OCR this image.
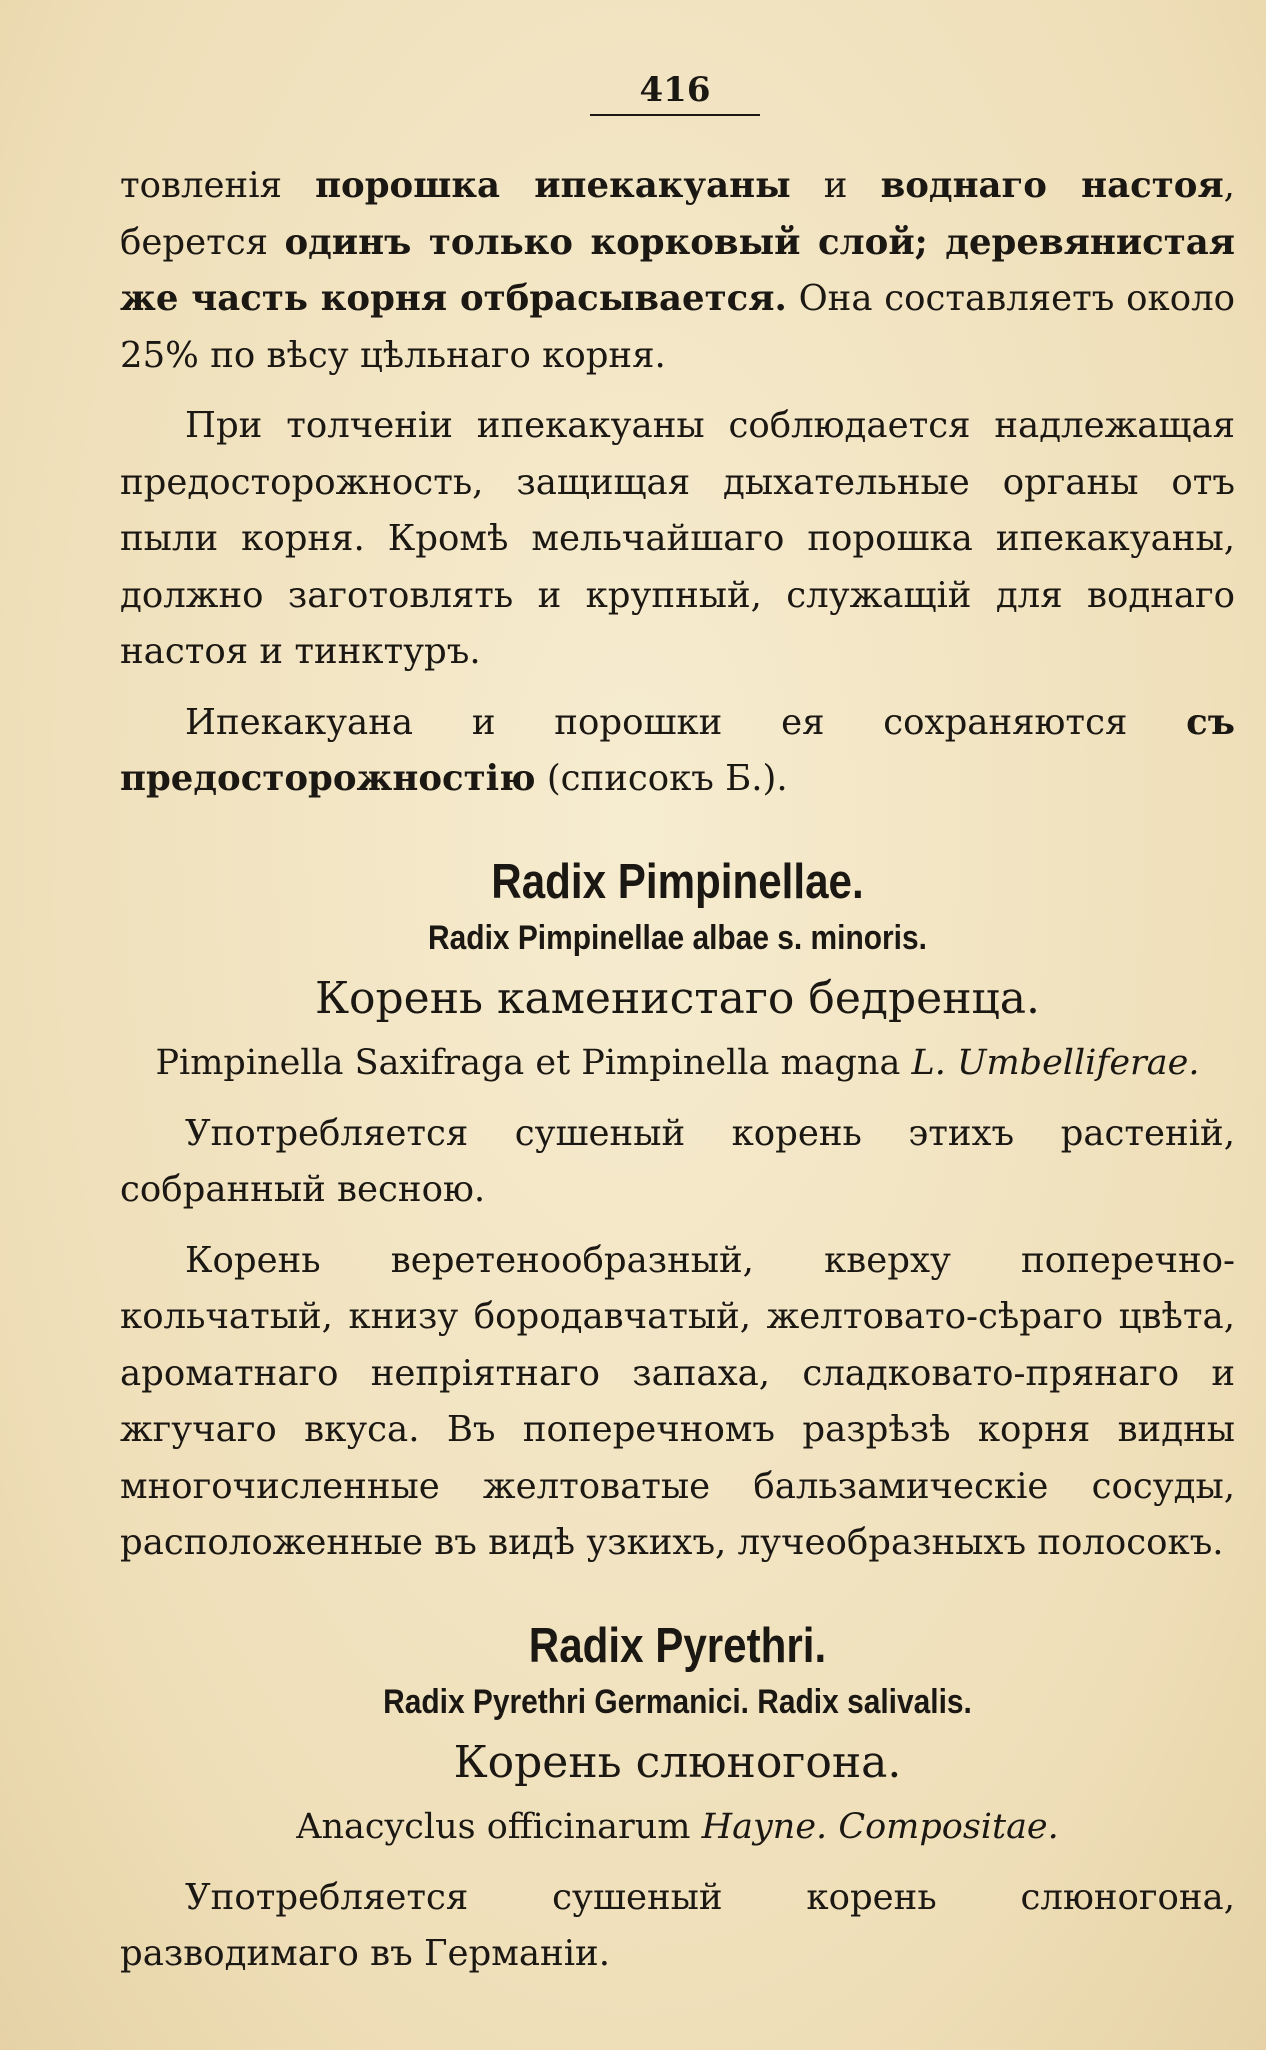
416

товленія порошка ипекакуаны и воднаго настоя, берется одинъ только корковый слой; деревянистая же часть корня отбрасывается. Она составляетъ около 25% по вѣсу цѣльнаго корня.

При толченіи ипекакуаны соблюдается надлежащая предосторожность, защищая дыхательные органы отъ пыли корня. Кромѣ мельчайшаго порошка ипекакуаны, должно заготовлять и крупный, служащій для воднаго настоя и тинктуръ.

Ипекакуана и порошки ея сохраняются съ предосторожностію (списокъ Б.).

Radix Pimpinellae.
Radix Pimpinellae albae s. minoris.
Корень каменистаго бедренца.
Pimpinella Saxifraga et Pimpinella magna L. Umbelliferae.

Употребляется сушеный корень этихъ растеній, собранный весною.

Корень веретенообразный, кверху поперечно-кольчатый, книзу бородавчатый, желтовато-сѣраго цвѣта, ароматнаго непріятнаго запаха, сладковато-прянаго и жгучаго вкуса. Въ поперечномъ разрѣзѣ корня видны многочисленные желтоватые бальзамическіе сосуды, расположенные въ видѣ узкихъ, лучеобразныхъ полосокъ.

Radix Pyrethri.
Radix Pyrethri Germanici. Radix salivalis.
Корень слюногона.
Anacyclus officinarum Hayne. Compositae.

Употребляется сушеный корень слюногона, разводимаго въ Германіи.
